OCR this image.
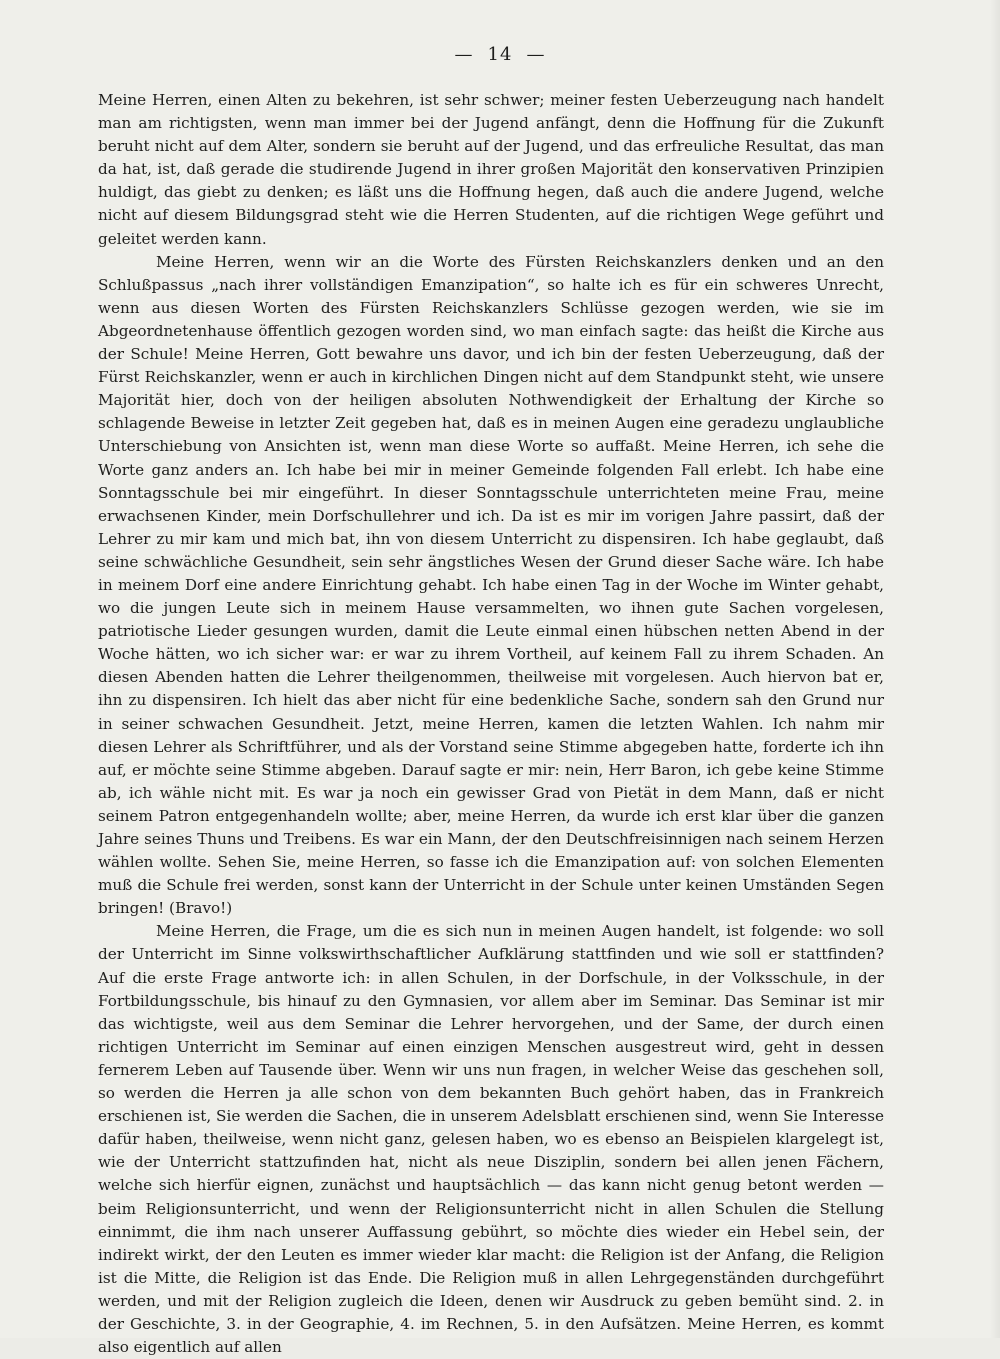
— 14 —

Meine Herren, einen Alten zu bekehren, ist sehr schwer; meiner festen Ueberzeugung nach handelt man am richtigsten, wenn man immer bei der Jugend anfängt, denn die Hoffnung für die Zukunft beruht nicht auf dem Alter, sondern sie beruht auf der Jugend, und das erfreuliche Resultat, das man da hat, ist, daß gerade die studirende Jugend in ihrer großen Majorität den konservativen Prinzipien huldigt, das giebt zu denken; es läßt uns die Hoffnung hegen, daß auch die andere Jugend, welche nicht auf diesem Bildungsgrad steht wie die Herren Studenten, auf die richtigen Wege geführt und geleitet werden kann.

Meine Herren, wenn wir an die Worte des Fürsten Reichskanzlers denken und an den Schlußpassus „nach ihrer vollständigen Emanzipation“, so halte ich es für ein schweres Unrecht, wenn aus diesen Worten des Fürsten Reichskanzlers Schlüsse gezogen werden, wie sie im Abgeordnetenhause öffentlich gezogen worden sind, wo man einfach sagte: das heißt die Kirche aus der Schule! Meine Herren, Gott bewahre uns davor, und ich bin der festen Ueberzeugung, daß der Fürst Reichskanzler, wenn er auch in kirchlichen Dingen nicht auf dem Standpunkt steht, wie unsere Majorität hier, doch von der heiligen absoluten Nothwendigkeit der Erhaltung der Kirche so schlagende Beweise in letzter Zeit gegeben hat, daß es in meinen Augen eine geradezu unglaubliche Unterschiebung von Ansichten ist, wenn man diese Worte so auffaßt. Meine Herren, ich sehe die Worte ganz anders an. Ich habe bei mir in meiner Gemeinde folgenden Fall erlebt. Ich habe eine Sonntagsschule bei mir eingeführt. In dieser Sonntagsschule unterrichteten meine Frau, meine erwachsenen Kinder, mein Dorfschullehrer und ich. Da ist es mir im vorigen Jahre passirt, daß der Lehrer zu mir kam und mich bat, ihn von diesem Unterricht zu dispensiren. Ich habe geglaubt, daß seine schwächliche Gesundheit, sein sehr ängstliches Wesen der Grund dieser Sache wäre. Ich habe in meinem Dorf eine andere Einrichtung gehabt. Ich habe einen Tag in der Woche im Winter gehabt, wo die jungen Leute sich in meinem Hause versammelten, wo ihnen gute Sachen vorgelesen, patriotische Lieder gesungen wurden, damit die Leute einmal einen hübschen netten Abend in der Woche hätten, wo ich sicher war: er war zu ihrem Vortheil, auf keinem Fall zu ihrem Schaden. An diesen Abenden hatten die Lehrer theilgenommen, theilweise mit vorgelesen. Auch hiervon bat er, ihn zu dispensiren. Ich hielt das aber nicht für eine bedenkliche Sache, sondern sah den Grund nur in seiner schwachen Gesundheit. Jetzt, meine Herren, kamen die letzten Wahlen. Ich nahm mir diesen Lehrer als Schriftführer, und als der Vorstand seine Stimme abgegeben hatte, forderte ich ihn auf, er möchte seine Stimme abgeben. Darauf sagte er mir: nein, Herr Baron, ich gebe keine Stimme ab, ich wähle nicht mit. Es war ja noch ein gewisser Grad von Pietät in dem Mann, daß er nicht seinem Patron entgegenhandeln wollte; aber, meine Herren, da wurde ich erst klar über die ganzen Jahre seines Thuns und Treibens. Es war ein Mann, der den Deutschfreisinnigen nach seinem Herzen wählen wollte. Sehen Sie, meine Herren, so fasse ich die Emanzipation auf: von solchen Elementen muß die Schule frei werden, sonst kann der Unterricht in der Schule unter keinen Umständen Segen bringen! (Bravo!)

Meine Herren, die Frage, um die es sich nun in meinen Augen handelt, ist folgende: wo soll der Unterricht im Sinne volkswirthschaftlicher Aufklärung stattfinden und wie soll er stattfinden? Auf die erste Frage antworte ich: in allen Schulen, in der Dorfschule, in der Volksschule, in der Fortbildungsschule, bis hinauf zu den Gymnasien, vor allem aber im Seminar. Das Seminar ist mir das wichtigste, weil aus dem Seminar die Lehrer hervorgehen, und der Same, der durch einen richtigen Unterricht im Seminar auf einen einzigen Menschen ausgestreut wird, geht in dessen fernerem Leben auf Tausende über. Wenn wir uns nun fragen, in welcher Weise das geschehen soll, so werden die Herren ja alle schon von dem bekannten Buch gehört haben, das in Frankreich erschienen ist, Sie werden die Sachen, die in unserem Adelsblatt erschienen sind, wenn Sie Interesse dafür haben, theilweise, wenn nicht ganz, gelesen haben, wo es ebenso an Beispielen klargelegt ist, wie der Unterricht stattzufinden hat, nicht als neue Disziplin, sondern bei allen jenen Fächern, welche sich hierfür eignen, zunächst und hauptsächlich — das kann nicht genug betont werden — beim Religionsunterricht, und wenn der Religionsunterricht nicht in allen Schulen die Stellung einnimmt, die ihm nach unserer Auffassung gebührt, so möchte dies wieder ein Hebel sein, der indirekt wirkt, der den Leuten es immer wieder klar macht: die Religion ist der Anfang, die Religion ist die Mitte, die Religion ist das Ende. Die Religion muß in allen Lehrgegenständen durchgeführt werden, und mit der Religion zugleich die Ideen, denen wir Ausdruck zu geben bemüht sind. 2. in der Geschichte, 3. in der Geographie, 4. im Rechnen, 5. in den Aufsätzen. Meine Herren, es kommt also eigentlich auf allen
